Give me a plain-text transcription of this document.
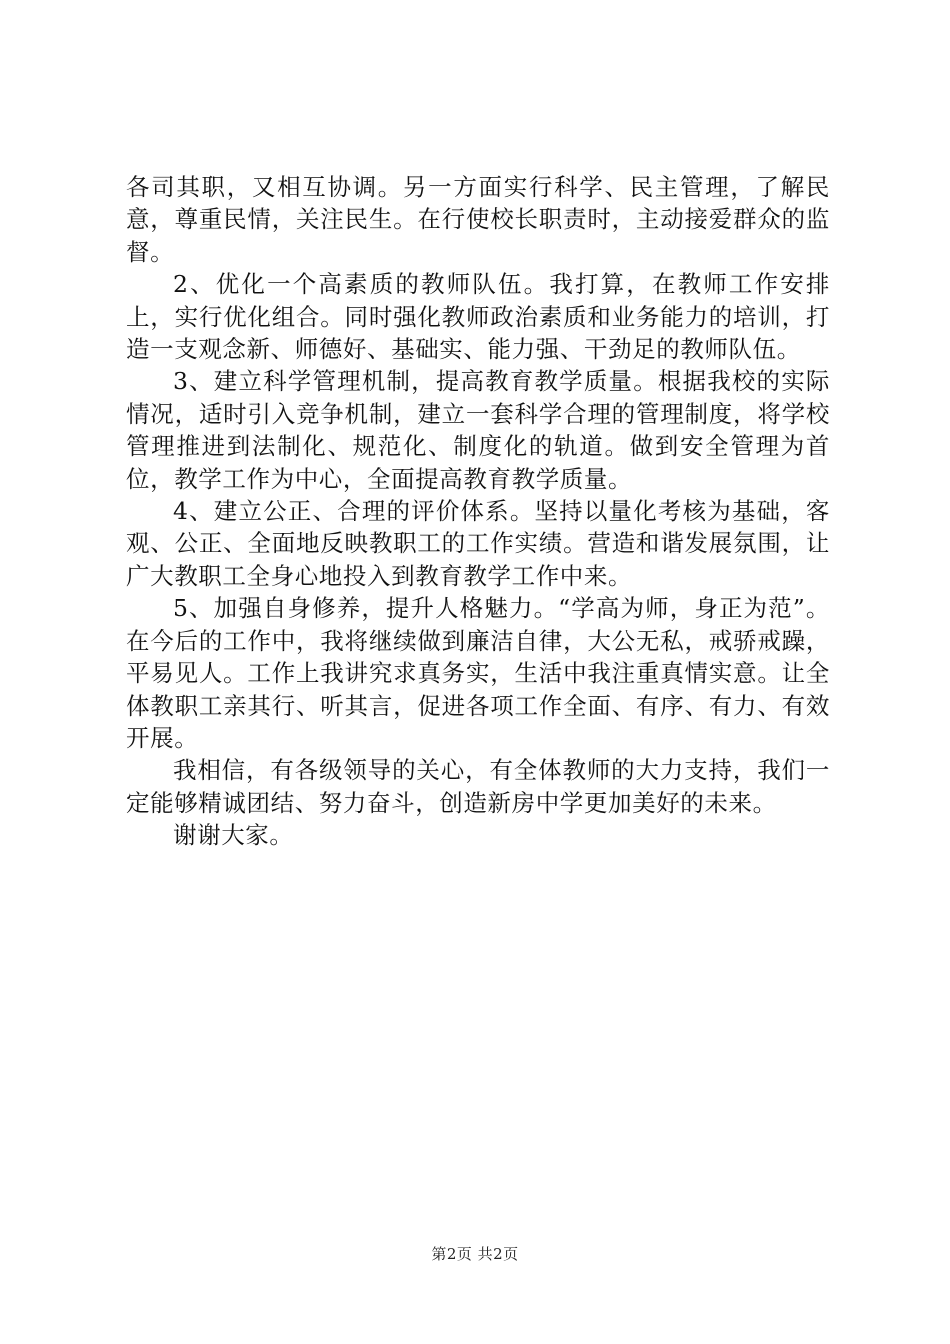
各司其职，又相互协调。另一方面实行科学、民主管理，了解民意，尊重民情，关注民生。在行使校长职责时，主动接爱群众的监督。

2、优化一个高素质的教师队伍。我打算，在教师工作安排上，实行优化组合。同时强化教师政治素质和业务能力的培训，打造一支观念新、师德好、基础实、能力强、干劲足的教师队伍。

3、建立科学管理机制，提高教育教学质量。根据我校的实际情况，适时引入竞争机制，建立一套科学合理的管理制度，将学校管理推进到法制化、规范化、制度化的轨道。做到安全管理为首位，教学工作为中心，全面提高教育教学质量。

4、建立公正、合理的评价体系。坚持以量化考核为基础，客观、公正、全面地反映教职工的工作实绩。营造和谐发展氛围，让广大教职工全身心地投入到教育教学工作中来。

5、加强自身修养，提升人格魅力。“学高为师，身正为范”。在今后的工作中，我将继续做到廉洁自律，大公无私，戒骄戒躁，平易见人。工作上我讲究求真务实，生活中我注重真情实意。让全体教职工亲其行、听其言，促进各项工作全面、有序、有力、有效开展。

我相信，有各级领导的关心，有全体教师的大力支持，我们一定能够精诚团结、努力奋斗，创造新房中学更加美好的未来。

谢谢大家。

第2页 共2页
